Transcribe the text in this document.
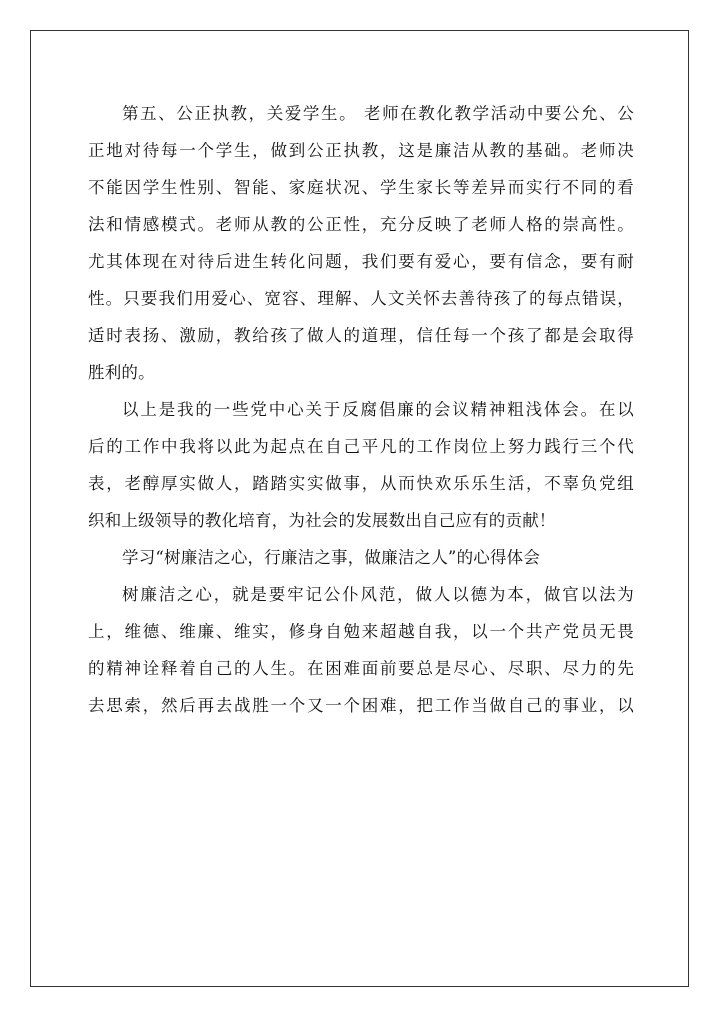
第五、公正执教，关爱学生。 老师在教化教学活动中要公允、公
正地对待每一个学生，做到公正执教，这是廉洁从教的基础。老师决
不能因学生性别、智能、家庭状况、学生家长等差异而实行不同的看
法和情感模式。老师从教的公正性，充分反映了老师人格的崇高性。
尤其体现在对待后进生转化问题，我们要有爱心，要有信念，要有耐
性。只要我们用爱心、宽容、理解、人文关怀去善待孩了的每点错误，
适时表扬、激励，教给孩了做人的道理，信任每一个孩了都是会取得
胜利的。
以上是我的一些党中心关于反腐倡廉的会议精神粗浅体会。在以
后的工作中我将以此为起点在自己平凡的工作岗位上努力践行三个代
表，老醇厚实做人，踏踏实实做事，从而快欢乐乐生活，不辜负党组
织和上级领导的教化培育，为社会的发展数出自己应有的贡献！
学习“树廉洁之心，行廉洁之事，做廉洁之人”的心得体会
树廉洁之心，就是要牢记公仆风范，做人以德为本，做官以法为
上，维德、维廉、维实，修身自勉来超越自我，以一个共产党员无畏
的精神诠释着自己的人生。在困难面前要总是尽心、尽职、尽力的先
去思索，然后再去战胜一个又一个困难，把工作当做自己的事业，以
